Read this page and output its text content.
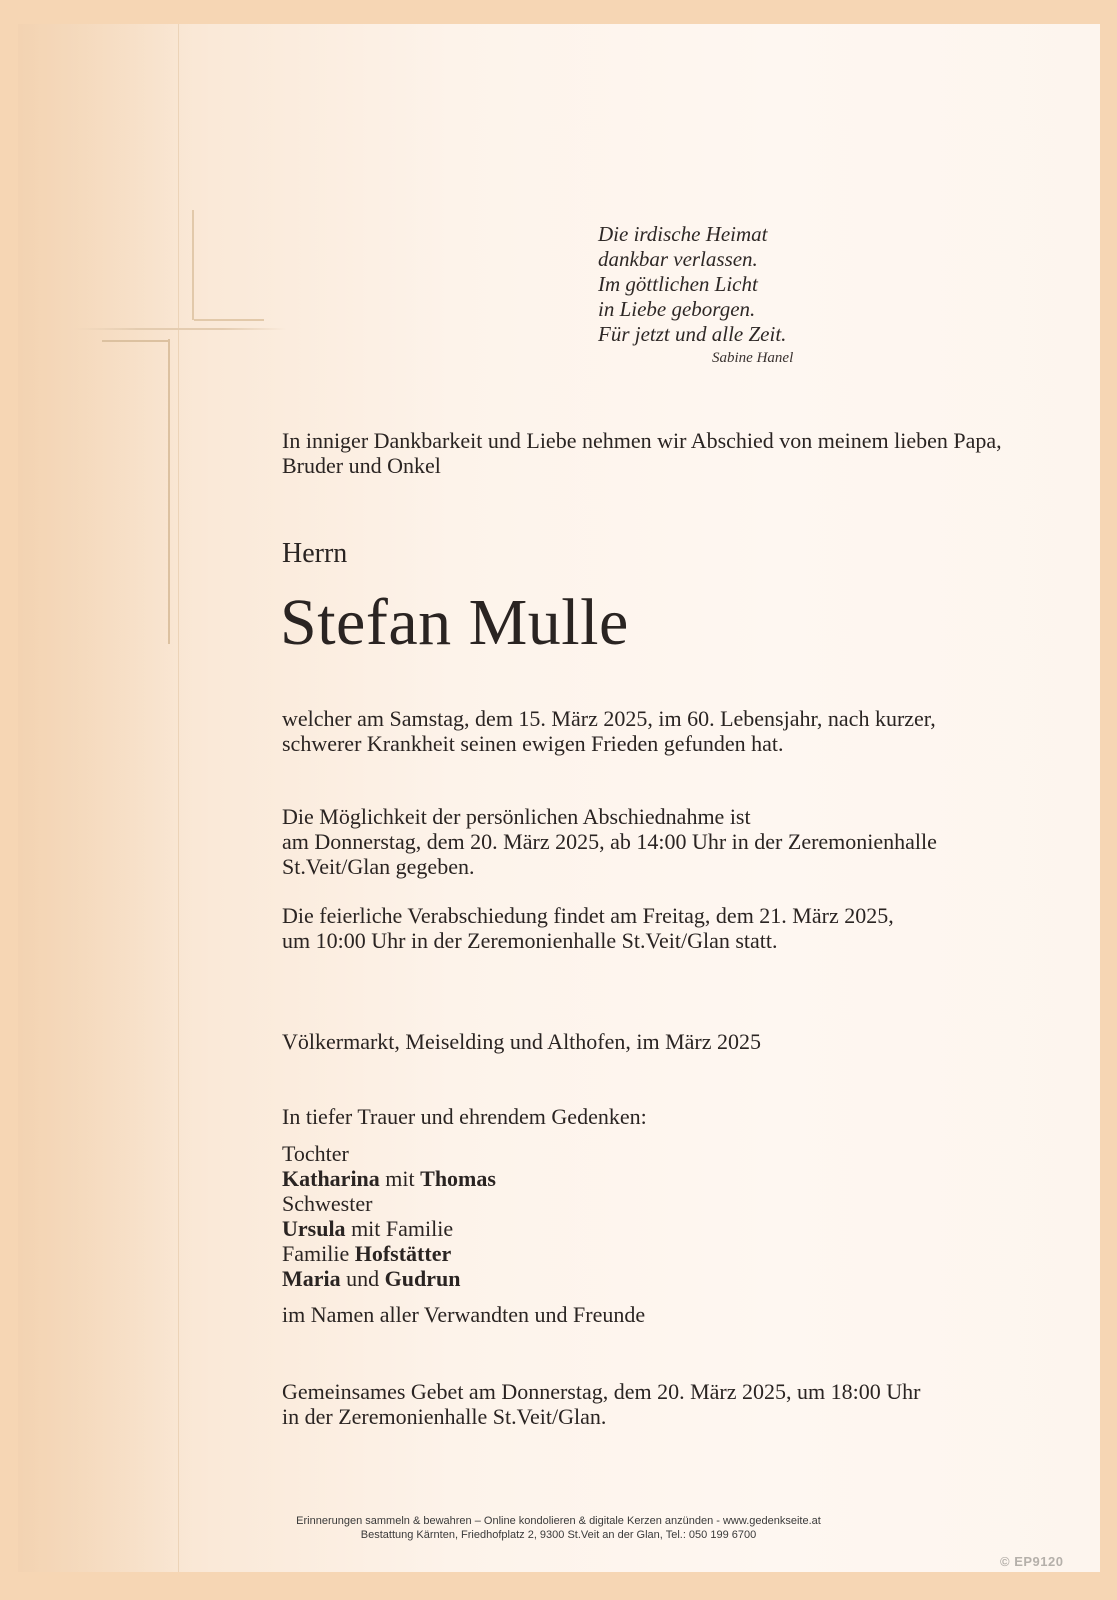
Die irdische Heimat
dankbar verlassen.
Im göttlichen Licht
in Liebe geborgen.
Für jetzt und alle Zeit.
Sabine Hanel
In inniger Dankbarkeit und Liebe nehmen wir Abschied von meinem lieben Papa,
Bruder und Onkel
Herrn
Stefan Mulle
welcher am Samstag, dem 15. März 2025, im 60. Lebensjahr, nach kurzer,
schwerer Krankheit seinen ewigen Frieden gefunden hat.
Die Möglichkeit der persönlichen Abschiednahme ist
am Donnerstag, dem 20. März 2025, ab 14:00 Uhr in der Zeremonienhalle
St.Veit/Glan gegeben.
Die feierliche Verabschiedung findet am Freitag, dem 21. März 2025,
um 10:00 Uhr in der Zeremonienhalle St.Veit/Glan statt.
Völkermarkt, Meiselding und Althofen, im März 2025
In tiefer Trauer und ehrendem Gedenken:
Tochter
Katharina mit Thomas
Schwester
Ursula mit Familie
Familie Hofstätter
Maria und Gudrun
im Namen aller Verwandten und Freunde
Gemeinsames Gebet am Donnerstag, dem 20. März 2025, um 18:00 Uhr
in der Zeremonienhalle St.Veit/Glan.
Erinnerungen sammeln & bewahren – Online kondolieren & digitale Kerzen anzünden - www.gedenkseite.at
Bestattung Kärnten, Friedhofplatz 2, 9300 St.Veit an der Glan, Tel.: 050 199 6700
© EP9120
